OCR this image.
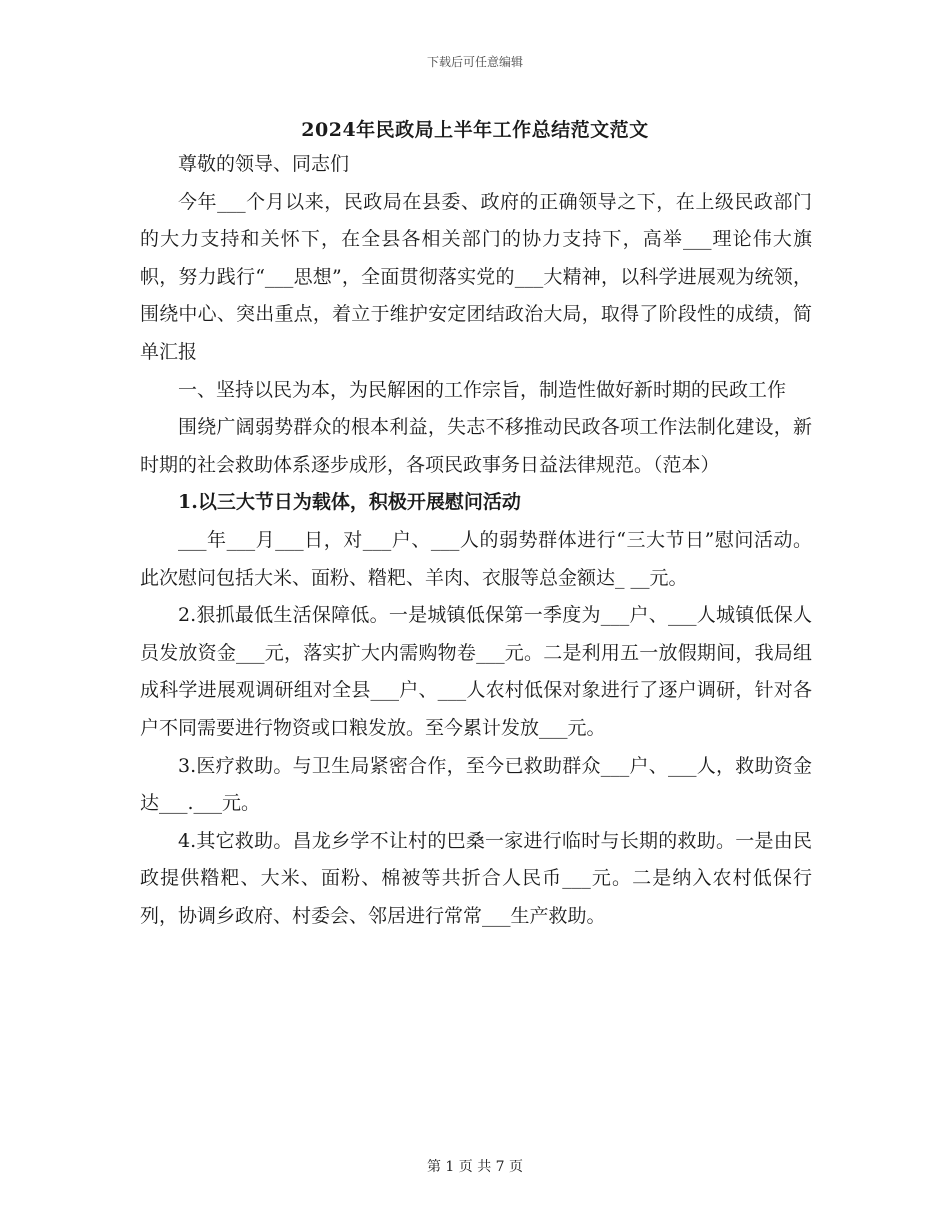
下载后可任意编辑
2024年民政局上半年工作总结范文范文

尊敬的领导、同志们

今年___个月以来，民政局在县委、政府的正确领导之下，在上级民政部门的大力支持和关怀下，在全县各相关部门的协力支持下，高举___理论伟大旗帜，努力践行“___思想”，全面贯彻落实党的___大精神，以科学进展观为统领，围绕中心、突出重点，着立于维护安定团结政治大局，取得了阶段性的成绩，简单汇报

一、坚持以民为本，为民解困的工作宗旨，制造性做好新时期的民政工作

围绕广阔弱势群众的根本利益，失志不移推动民政各项工作法制化建设，新时期的社会救助体系逐步成形，各项民政事务日益法律规范。（范本）

1.以三大节日为载体，积极开展慰问活动

___年___月___日，对___户、___人的弱势群体进行“三大节日”慰问活动。此次慰问包括大米、面粉、糌粑、羊肉、衣服等总金额达_ __元。

2.狠抓最低生活保障低。一是城镇低保第一季度为___户、___人城镇低保人员发放资金___元，落实扩大内需购物卷___元。二是利用五一放假期间，我局组成科学进展观调研组对全县___户、___人农村低保对象进行了逐户调研，针对各户不同需要进行物资或口粮发放。至今累计发放___元。

3.医疗救助。与卫生局紧密合作，至今已救助群众___户、___人，救助资金达___.___元。

4.其它救助。昌龙乡学不让村的巴桑一家进行临时与长期的救助。一是由民政提供糌粑、大米、面粉、棉被等共折合人民币___元。二是纳入农村低保行列，协调乡政府、村委会、邻居进行常常___生产救助。

第 1 页 共 7 页
